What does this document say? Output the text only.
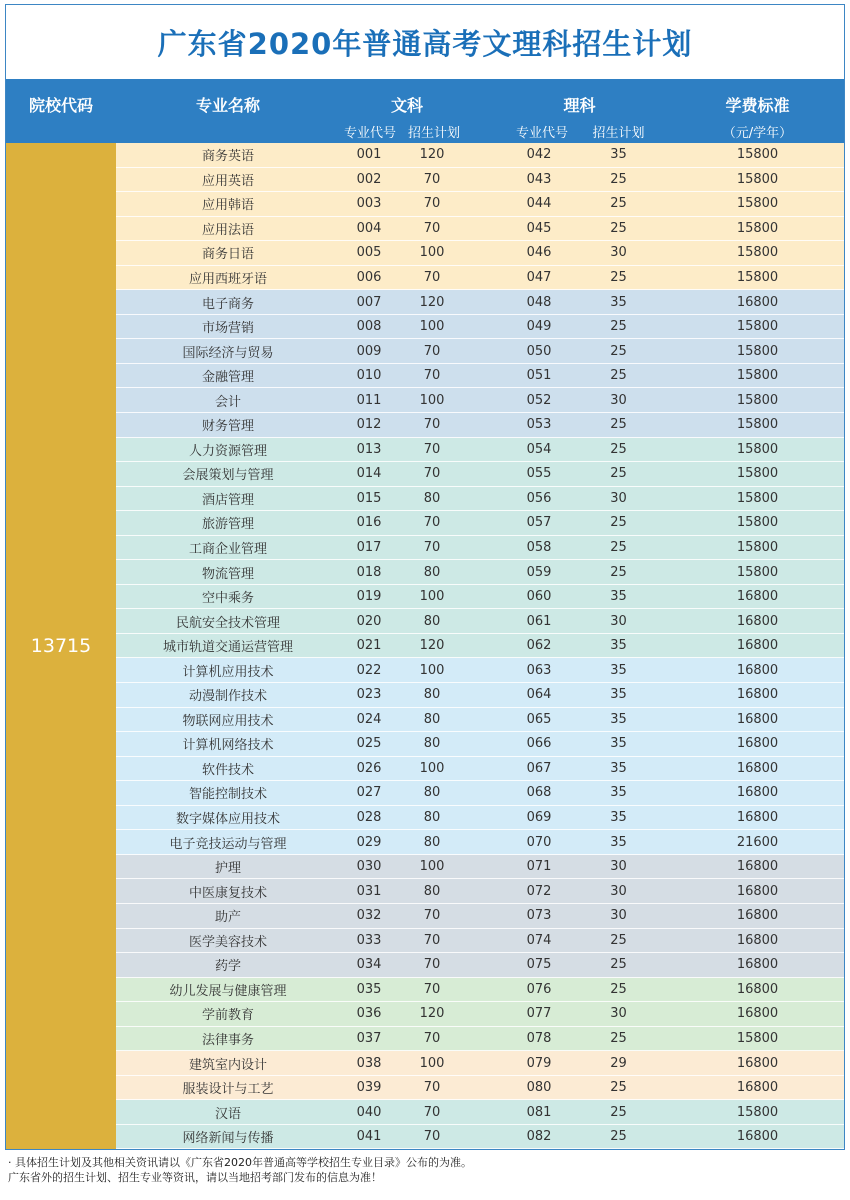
广东省2020年普通高考文理科招生计划
院校代码	专业名称	文科	理科	学费标准
专业代号 招生计划	专业代号	招生计划	（元/学年）
13715
商务英语	001	120	042	35	15800
应用英语	002	70	043	25	15800
应用韩语	003	70	044	25	15800
应用法语	004	70	045	25	15800
商务日语	005	100	046	30	15800
应用西班牙语	006	70	047	25	15800
电子商务	007	120	048	35	16800
市场营销	008	100	049	25	15800
国际经济与贸易	009	70	050	25	15800
金融管理	010	70	051	25	15800
会计	011	100	052	30	15800
财务管理	012	70	053	25	15800
人力资源管理	013	70	054	25	15800
会展策划与管理	014	70	055	25	15800
酒店管理	015	80	056	30	15800
旅游管理	016	70	057	25	15800
工商企业管理	017	70	058	25	15800
物流管理	018	80	059	25	15800
空中乘务	019	100	060	35	16800
民航安全技术管理	020	80	061	30	16800
城市轨道交通运营管理	021	120	062	35	16800
计算机应用技术	022	100	063	35	16800
动漫制作技术	023	80	064	35	16800
物联网应用技术	024	80	065	35	16800
计算机网络技术	025	80	066	35	16800
软件技术	026	100	067	35	16800
智能控制技术	027	80	068	35	16800
数字媒体应用技术	028	80	069	35	16800
电子竞技运动与管理	029	80	070	35	21600
护理	030	100	071	30	16800
中医康复技术	031	80	072	30	16800
助产	032	70	073	30	16800
医学美容技术	033	70	074	25	16800
药学	034	70	075	25	16800
幼儿发展与健康管理	035	70	076	25	16800
学前教育	036	120	077	30	16800
法律事务	037	70	078	25	15800
建筑室内设计	038	100	079	29	16800
服装设计与工艺	039	70	080	25	16800
汉语	040	70	081	25	15800
网络新闻与传播	041	70	082	25	16800
· 具体招生计划及其他相关资讯请以《广东省2020年普通高等学校招生专业目录》公布的为准。
广东省外的招生计划、招生专业等资讯，请以当地招考部门发布的信息为准！
